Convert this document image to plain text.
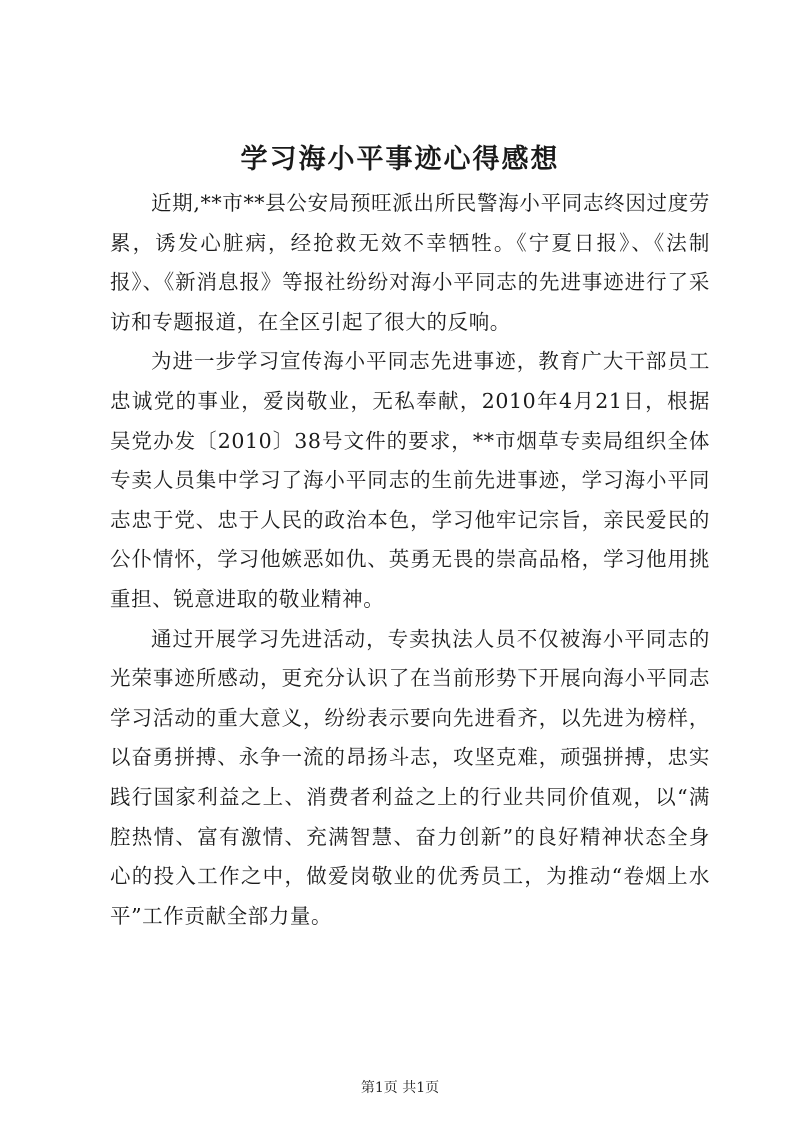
学习海小平事迹心得感想

近期,**市**县公安局预旺派出所民警海小平同志终因过度劳累，诱发心脏病，经抢救无效不幸牺牲。《宁夏日报》、《法制报》、《新消息报》等报社纷纷对海小平同志的先进事迹进行了采访和专题报道，在全区引起了很大的反响。

为进一步学习宣传海小平同志先进事迹，教育广大干部员工忠诚党的事业，爱岗敬业，无私奉献，2010年4月21日，根据吴党办发〔2010〕38号文件的要求，**市烟草专卖局组织全体专卖人员集中学习了海小平同志的生前先进事迹，学习海小平同志忠于党、忠于人民的政治本色，学习他牢记宗旨，亲民爱民的公仆情怀，学习他嫉恶如仇、英勇无畏的崇高品格，学习他用挑重担、锐意进取的敬业精神。

通过开展学习先进活动，专卖执法人员不仅被海小平同志的光荣事迹所感动，更充分认识了在当前形势下开展向海小平同志学习活动的重大意义，纷纷表示要向先进看齐，以先进为榜样，以奋勇拼搏、永争一流的昂扬斗志，攻坚克难，顽强拼搏，忠实践行国家利益之上、消费者利益之上的行业共同价值观，以“满腔热情、富有激情、充满智慧、奋力创新”的良好精神状态全身心的投入工作之中，做爱岗敬业的优秀员工，为推动“卷烟上水平”工作贡献全部力量。

第1页 共1页
